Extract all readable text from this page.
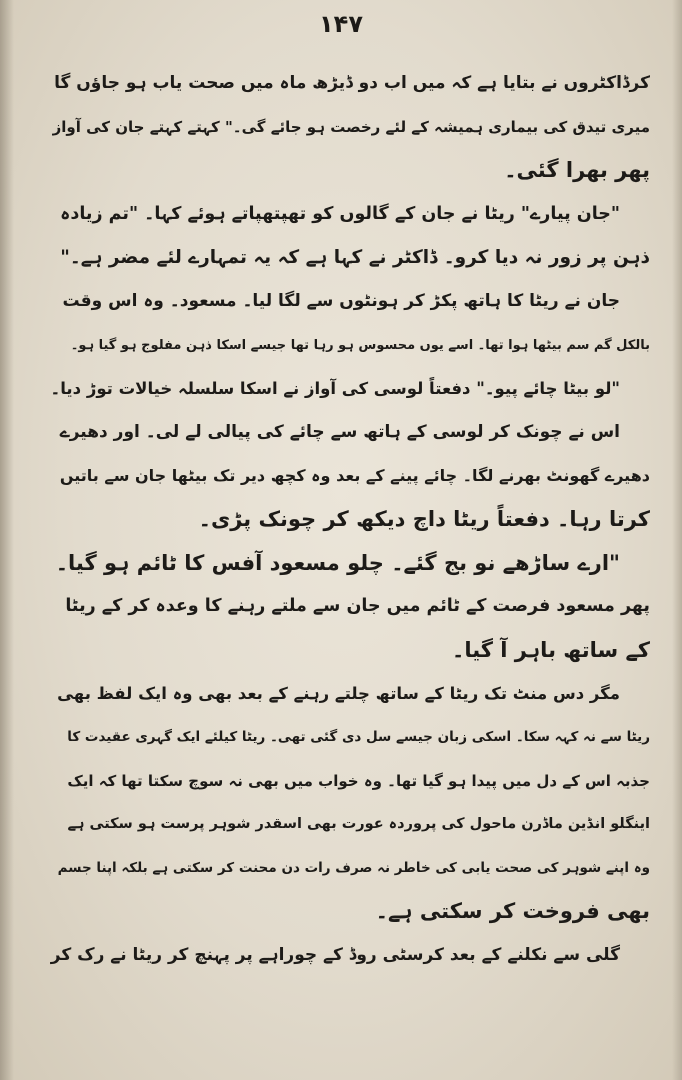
۱۴۷
کرڈاکٹروں نے بتایا ہے کہ میں اب دو ڈیڑھ ماہ میں صحت یاب ہو جاؤں گا
میری تیدق کی بیماری ہمیشہ کے لئے رخصت ہو جائے گی۔" کہتے کہتے جان کی آواز
پھر بھرا گئی۔
"جان پیارے" ریٹا نے جان کے گالوں کو تھپتھپاتے ہوئے کہا۔ "تم زیادہ
ذہن پر زور نہ دیا کرو۔ ڈاکٹر نے کہا ہے کہ یہ تمہارے لئے مضر ہے۔"
جان نے ریٹا کا ہاتھ پکڑ کر ہونٹوں سے لگا لیا۔ مسعود۔ وہ اس وقت
بالکل گم سم بیٹھا ہوا تھا۔ اسے یوں محسوس ہو رہا تھا جیسے اسکا ذہن مفلوج ہو گیا ہو۔
"لو بیٹا چائے پیو۔" دفعتاً لوسی کی آواز نے اسکا سلسلہ خیالات توڑ دیا۔
اس نے چونک کر لوسی کے ہاتھ سے چائے کی پیالی لے لی۔ اور دھیرے
دھیرے گھونٹ بھرنے لگا۔ چائے پینے کے بعد وہ کچھ دیر تک بیٹھا جان سے باتیں
کرتا رہا۔ دفعتاً ریٹا داچ دیکھ کر چونک پڑی۔
"ارے ساڑھے نو بج گئے۔ چلو مسعود آفس کا ٹائم ہو گیا۔
پھر مسعود فرصت کے ٹائم میں جان سے ملتے رہنے کا وعدہ کر کے ریٹا
کے ساتھ باہر آ گیا۔
مگر دس منٹ تک ریٹا کے ساتھ چلتے رہنے کے بعد بھی وہ ایک لفظ بھی
ریٹا سے نہ کہہ سکا۔ اسکی زبان جیسے سل دی گئی تھی۔ ریٹا کیلئے ایک گہری عقیدت کا
جذبہ اس کے دل میں پیدا ہو گیا تھا۔ وہ خواب میں بھی نہ سوچ سکتا تھا کہ ایک
اینگلو انڈین ماڈرن ماحول کی پروردہ عورت بھی اسقدر شوہر پرست ہو سکتی ہے
وہ اپنے شوہر کی صحت یابی کی خاطر نہ صرف رات دن محنت کر سکتی ہے بلکہ اپنا جسم
بھی فروخت کر سکتی ہے۔
گلی سے نکلنے کے بعد کرسٹی روڈ کے چوراہے پر پہنچ کر ریٹا نے رک کر
